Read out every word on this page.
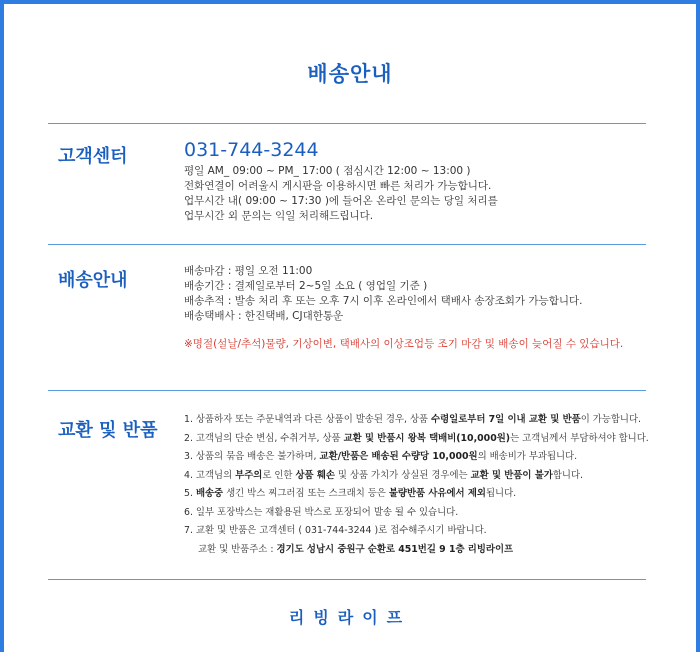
배송안내
고객센터	031-744-3244
평일 AM_ 09:00 ~ PM_ 17:00 ( 점심시간 12:00 ~ 13:00 )
전화연결이 어려울시 게시판을 이용하시면 빠른 처리가 가능합니다.
업무시간 내( 09:00 ~ 17:30 )에 들어온 온라인 문의는 당일 처리를
업무시간 외 문의는 익일 처리해드립니다.
배송안내	배송마감 : 평일 오전 11:00
배송기간 : 결제일로부터 2~5일 소요 ( 영업일 기준 )
배송추적 : 발송 처리 후 또는 오후 7시 이후 온라인에서 택배사 송장조회가 가능합니다.
배송택배사 : 한진택배, CJ대한통운
※명절(설날/추석)물량, 기상이변, 택배사의 이상조업등 조기 마감 및 배송이 늦어질 수 있습니다.
교환 및 반품
1. 상품하자 또는 주문내역과 다른 상품이 발송된 경우, 상품 수령일로부터 7일 이내 교환 및 반품이 가능합니다.
2. 고객님의 단순 변심, 수취거부, 상품 교환 및 반품시 왕복 택배비(10,000원)는 고객님께서 부담하셔야 합니다.
3. 상품의 묶음 배송은 불가하며, 교환/반품은 배송된 수량당 10,000원의 배송비가 부과됩니다.
4. 고객님의 부주의로 인한 상품 훼손 및 상품 가치가 상실된 경우에는 교환 및 반품이 불가합니다.
5. 배송중 생긴 박스 찌그러짐 또는 스크래치 등은 불량반품 사유에서 제외됩니다.
6. 일부 포장박스는 재활용된 박스로 포장되어 발송 될 수 있습니다.
7. 교환 및 반품은 고객센터 ( 031-744-3244 )로 접수해주시기 바랍니다.
교환 및 반품주소 : 경기도 성남시 중원구 순환로 451번길 9 1층 리빙라이프
리빙라이프
